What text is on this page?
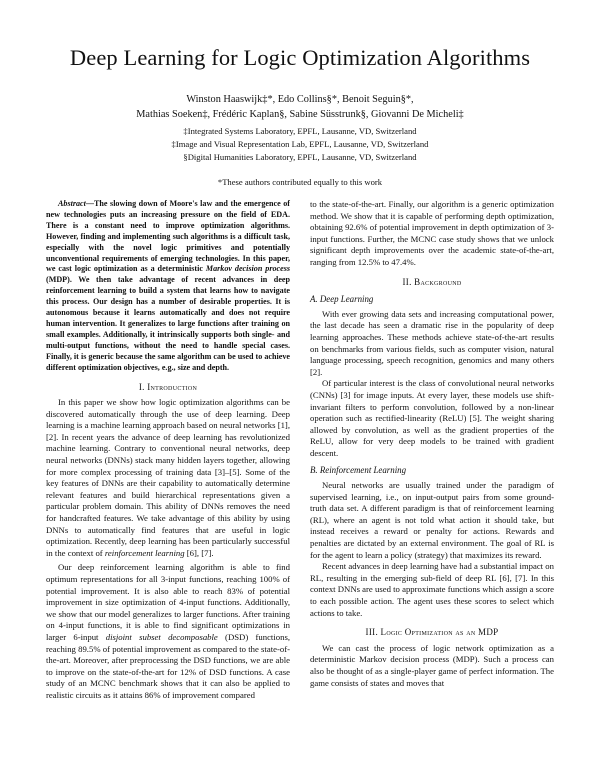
Deep Learning for Logic Optimization Algorithms
Winston Haaswijk‡*, Edo Collins§*, Benoit Seguin§*,
Mathias Soeken‡, Frédéric Kaplan§, Sabine Süsstrunk§, Giovanni De Micheli‡
‡Integrated Systems Laboratory, EPFL, Lausanne, VD, Switzerland
‡Image and Visual Representation Lab, EPFL, Lausanne, VD, Switzerland
§Digital Humanities Laboratory, EPFL, Lausanne, VD, Switzerland
*These authors contributed equally to this work

Abstract—The slowing down of Moore's law and the emergence of new technologies puts an increasing pressure on the field of EDA. There is a constant need to improve optimization algorithms. However, finding and implementing such algorithms is a difficult task, especially with the novel logic primitives and potentially unconventional requirements of emerging technologies. In this paper, we cast logic optimization as a deterministic Markov decision process (MDP). We then take advantage of recent advances in deep reinforcement learning to build a system that learns how to navigate this process. Our design has a number of desirable properties. It is autonomous because it learns automatically and does not require human intervention. It generalizes to large functions after training on small examples. Additionally, it intrinsically supports both single- and multi-output functions, without the need to handle special cases. Finally, it is generic because the same algorithm can be used to achieve different optimization objectives, e.g., size and depth.

I. Introduction

In this paper we show how logic optimization algorithms can be discovered automatically through the use of deep learning. Deep learning is a machine learning approach based on neural networks [1], [2]. In recent years the advance of deep learning has revolutionized machine learning. Contrary to conventional neural networks, deep neural networks (DNNs) stack many hidden layers together, allowing for more complex processing of training data [3]–[5]. Some of the key features of DNNs are their capability to automatically determine relevant features and build hierarchical representations given a particular problem domain. This ability of DNNs removes the need for handcrafted features. We take advantage of this ability by using DNNs to automatically find features that are useful in logic optimization. Recently, deep learning has been particularly successful in the context of reinforcement learning [6], [7].

Our deep reinforcement learning algorithm is able to find optimum representations for all 3-input functions, reaching 100% of potential improvement. It is also able to reach 83% of potential improvement in size optimization of 4-input functions. Additionally, we show that our model generalizes to larger functions. After training on 4-input functions, it is able to find significant optimizations in larger 6-input disjoint subset decomposable (DSD) functions, reaching 89.5% of potential improvement as compared to the state-of-the-art. Moreover, after preprocessing the DSD functions, we are able to improve on the state-of-the-art for 12% of DSD functions. A case study of an MCNC benchmark shows that it can also be applied to realistic circuits as it attains 86% of improvement compared

to the state-of-the-art. Finally, our algorithm is a generic optimization method. We show that it is capable of performing depth optimization, obtaining 92.6% of potential improvement in depth optimization of 3-input functions. Further, the MCNC case study shows that we unlock significant depth improvements over the academic state-of-the-art, ranging from 12.5% to 47.4%.

II. Background
A. Deep Learning

With ever growing data sets and increasing computational power, the last decade has seen a dramatic rise in the popularity of deep learning approaches. These methods achieve state-of-the-art results on benchmarks from various fields, such as computer vision, natural language processing, speech recognition, genomics and many others [2].

Of particular interest is the class of convolutional neural networks (CNNs) [3] for image inputs. At every layer, these models use shift-invariant filters to perform convolution, followed by a non-linear operation such as rectified-linearity (ReLU) [5]. The weight sharing allowed by convolution, as well as the gradient properties of the ReLU, allow for very deep models to be trained with gradient descent.

B. Reinforcement Learning

Neural networks are usually trained under the paradigm of supervised learning, i.e., on input-output pairs from some ground-truth data set. A different paradigm is that of reinforcement learning (RL), where an agent is not told what action it should take, but instead receives a reward or penalty for actions. Rewards and penalties are dictated by an external environment. The goal of RL is for the agent to learn a policy (strategy) that maximizes its reward.

Recent advances in deep learning have had a substantial impact on RL, resulting in the emerging sub-field of deep RL [6], [7]. In this context DNNs are used to approximate functions which assign a score to each possible action. The agent uses these scores to select which actions to take.

III. Logic Optimization as an MDP

We can cast the process of logic network optimization as a deterministic Markov decision process (MDP). Such a process can also be thought of as a single-player game of perfect information. The game consists of states and moves that
